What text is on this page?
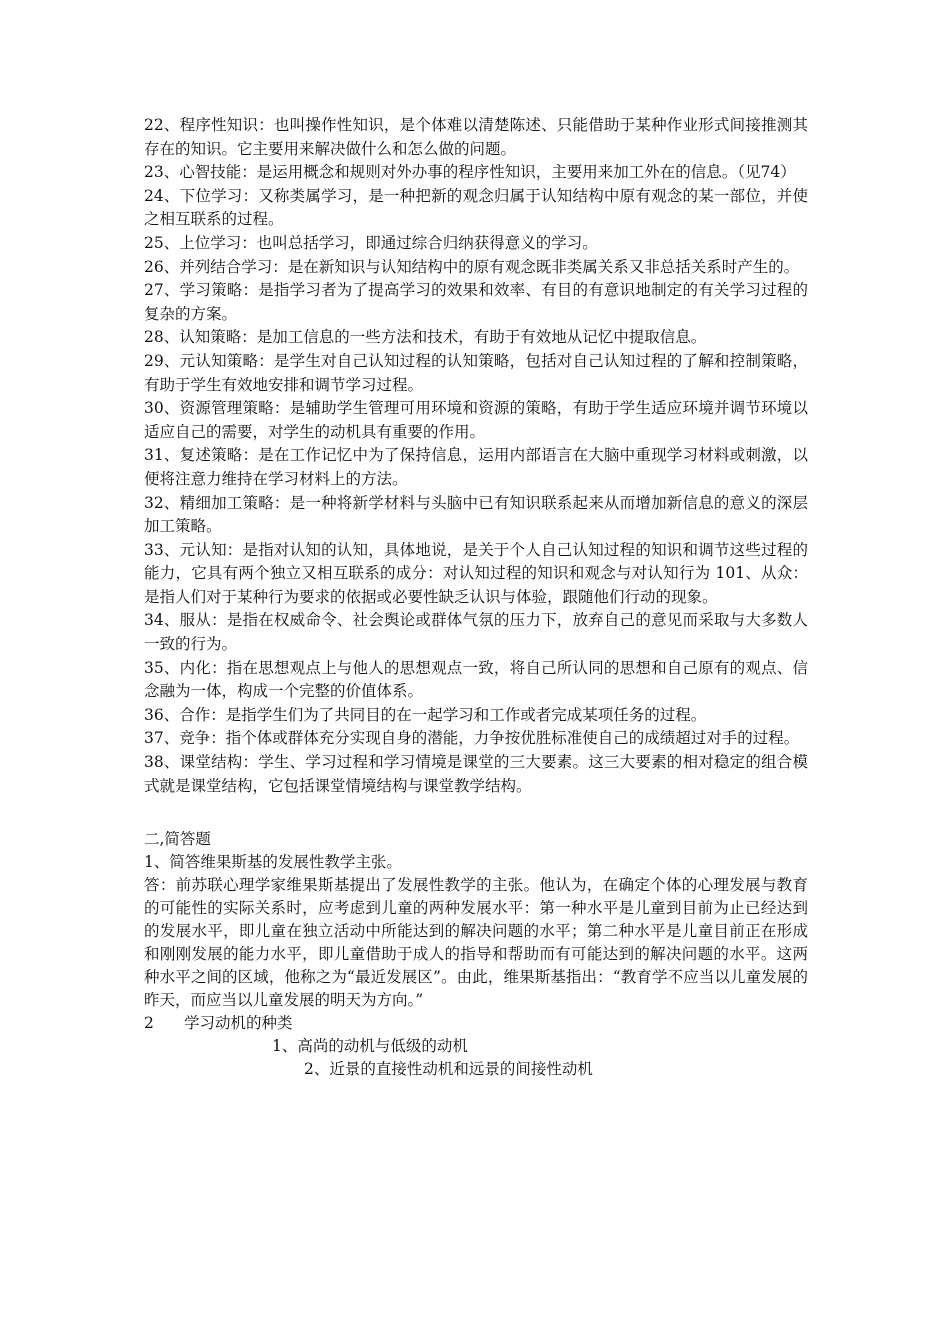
22、程序性知识：也叫操作性知识，是个体难以清楚陈述、只能借助于某种作业形式间接推测其存在的知识。它主要用来解决做什么和怎么做的问题。

23、心智技能：是运用概念和规则对外办事的程序性知识，主要用来加工外在的信息。（见74）

24、下位学习：又称类属学习，是一种把新的观念归属于认知结构中原有观念的某一部位，并使之相互联系的过程。

25、上位学习：也叫总括学习，即通过综合归纳获得意义的学习。

26、并列结合学习：是在新知识与认知结构中的原有观念既非类属关系又非总括关系时产生的。

27、学习策略：是指学习者为了提高学习的效果和效率、有目的有意识地制定的有关学习过程的复杂的方案。

28、认知策略：是加工信息的一些方法和技术，有助于有效地从记忆中提取信息。

29、元认知策略：是学生对自己认知过程的认知策略，包括对自己认知过程的了解和控制策略，有助于学生有效地安排和调节学习过程。

30、资源管理策略：是辅助学生管理可用环境和资源的策略，有助于学生适应环境并调节环境以适应自己的需要，对学生的动机具有重要的作用。

31、复述策略：是在工作记忆中为了保持信息，运用内部语言在大脑中重现学习材料或刺激，以便将注意力维持在学习材料上的方法。

32、精细加工策略：是一种将新学材料与头脑中已有知识联系起来从而增加新信息的意义的深层加工策略。

33、元认知：是指对认知的认知，具体地说，是关于个人自己认知过程的知识和调节这些过程的能力，它具有两个独立又相互联系的成分：对认知过程的知识和观念与对认知行为 101、从众：是指人们对于某种行为要求的依据或必要性缺乏认识与体验，跟随他们行动的现象。

34、服从：是指在权威命令、社会舆论或群体气氛的压力下，放弃自己的意见而采取与大多数人一致的行为。

35、内化：指在思想观点上与他人的思想观点一致，将自己所认同的思想和自己原有的观点、信念融为一体，构成一个完整的价值体系。

36、合作：是指学生们为了共同目的在一起学习和工作或者完成某项任务的过程。

37、竞争：指个体或群体充分实现自身的潜能，力争按优胜标准使自己的成绩超过对手的过程。

38、课堂结构：学生、学习过程和学习情境是课堂的三大要素。这三大要素的相对稳定的组合模式就是课堂结构，它包括课堂情境结构与课堂教学结构。

二,简答题

1、简答维果斯基的发展性教学主张。

答：前苏联心理学家维果斯基提出了发展性教学的主张。他认为，在确定个体的心理发展与教育的可能性的实际关系时，应考虑到儿童的两种发展水平：第一种水平是儿童到目前为止已经达到的发展水平，即儿童在独立活动中所能达到的解决问题的水平；第二种水平是儿童目前正在形成和刚刚发展的能力水平，即儿童借助于成人的指导和帮助而有可能达到的解决问题的水平。这两种水平之间的区域，他称之为“最近发展区”。由此，维果斯基指出：“教育学不应当以儿童发展的昨天，而应当以儿童发展的明天为方向。”

2 学习动机的种类

1、高尚的动机与低级的动机

2、近景的直接性动机和远景的间接性动机
